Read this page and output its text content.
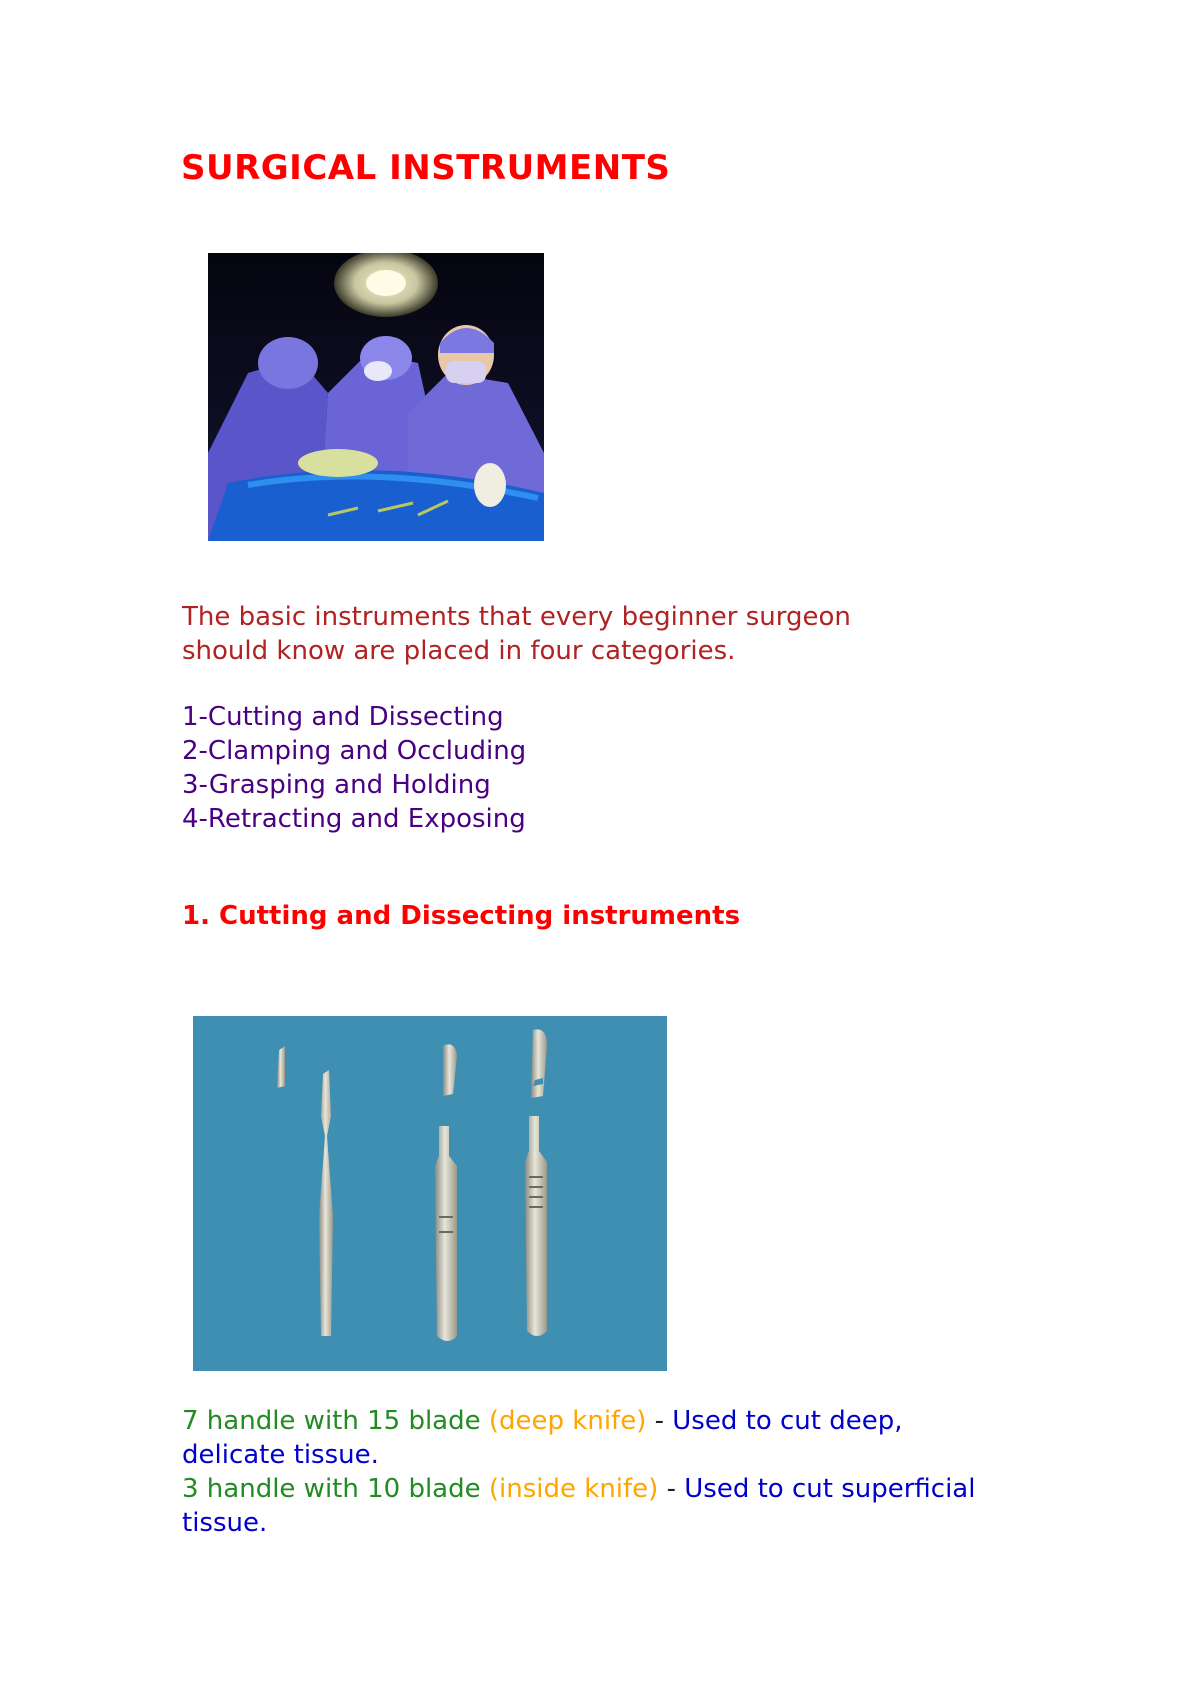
SURGICAL INSTRUMENTS
The basic instruments that every beginner surgeon should know are placed in four categories.
1-Cutting and Dissecting
2-Clamping and Occluding
3-Grasping and Holding
4-Retracting and Exposing
1. Cutting and Dissecting instruments
7 handle with 15 blade (deep knife) - Used to cut deep, delicate tissue.
3 handle with 10 blade (inside knife) - Used to cut superficial tissue.
